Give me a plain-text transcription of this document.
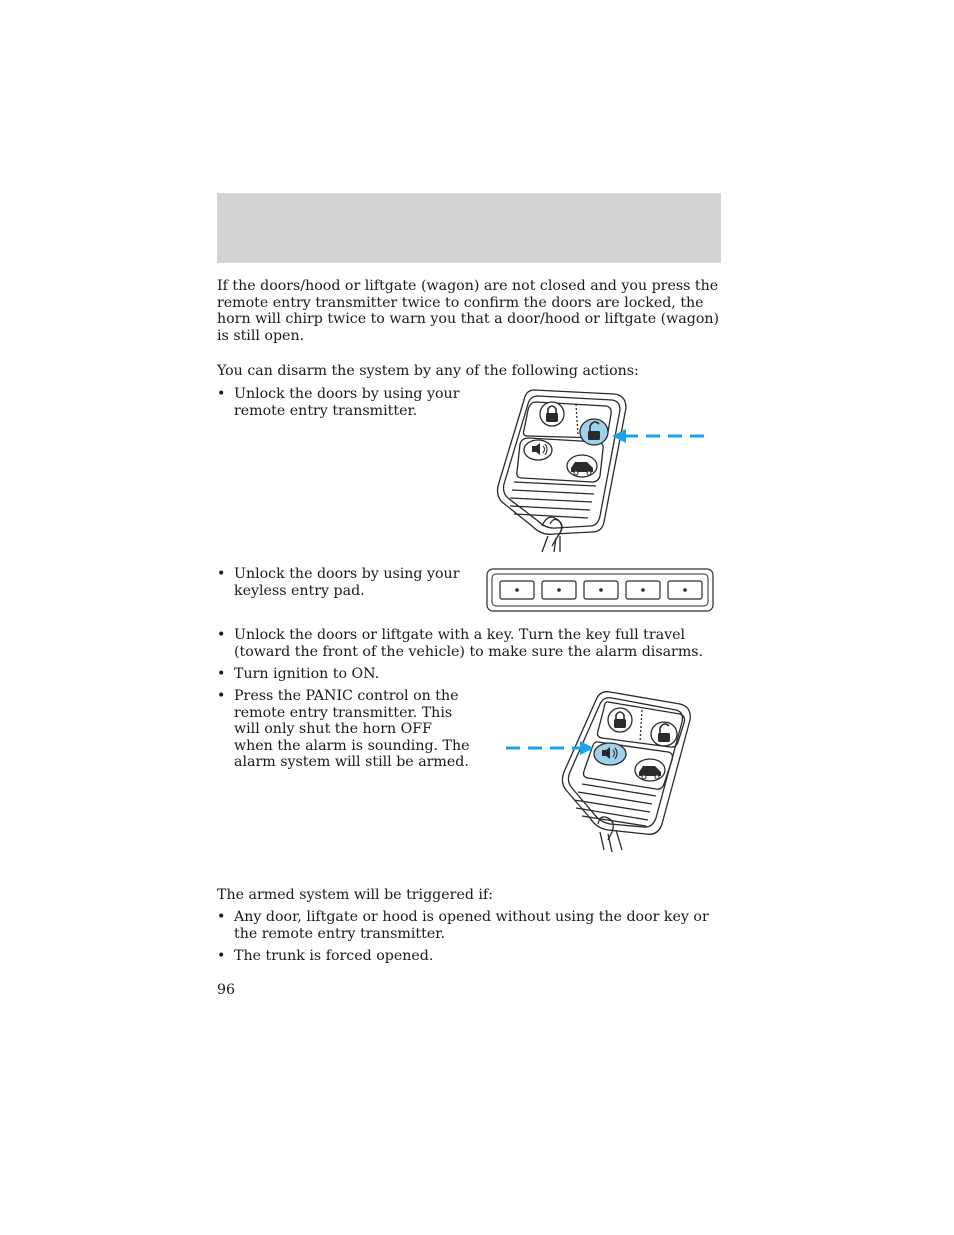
If the doors/hood or liftgate (wagon) are not closed and you press the remote entry transmitter twice to confirm the doors are locked, the horn will chirp twice to warn you that a door/hood or liftgate (wagon) is still open.

You can disarm the system by any of the following actions:

• Unlock the doors by using your remote entry transmitter.
• Unlock the doors by using your keyless entry pad.
• Unlock the doors or liftgate with a key. Turn the key full travel (toward the front of the vehicle) to make sure the alarm disarms.
• Turn ignition to ON.
• Press the PANIC control on the remote entry transmitter. This will only shut the horn OFF when the alarm is sounding. The alarm system will still be armed.

The armed system will be triggered if:

• Any door, liftgate or hood is opened without using the door key or the remote entry transmitter.
• The trunk is forced opened.

96
